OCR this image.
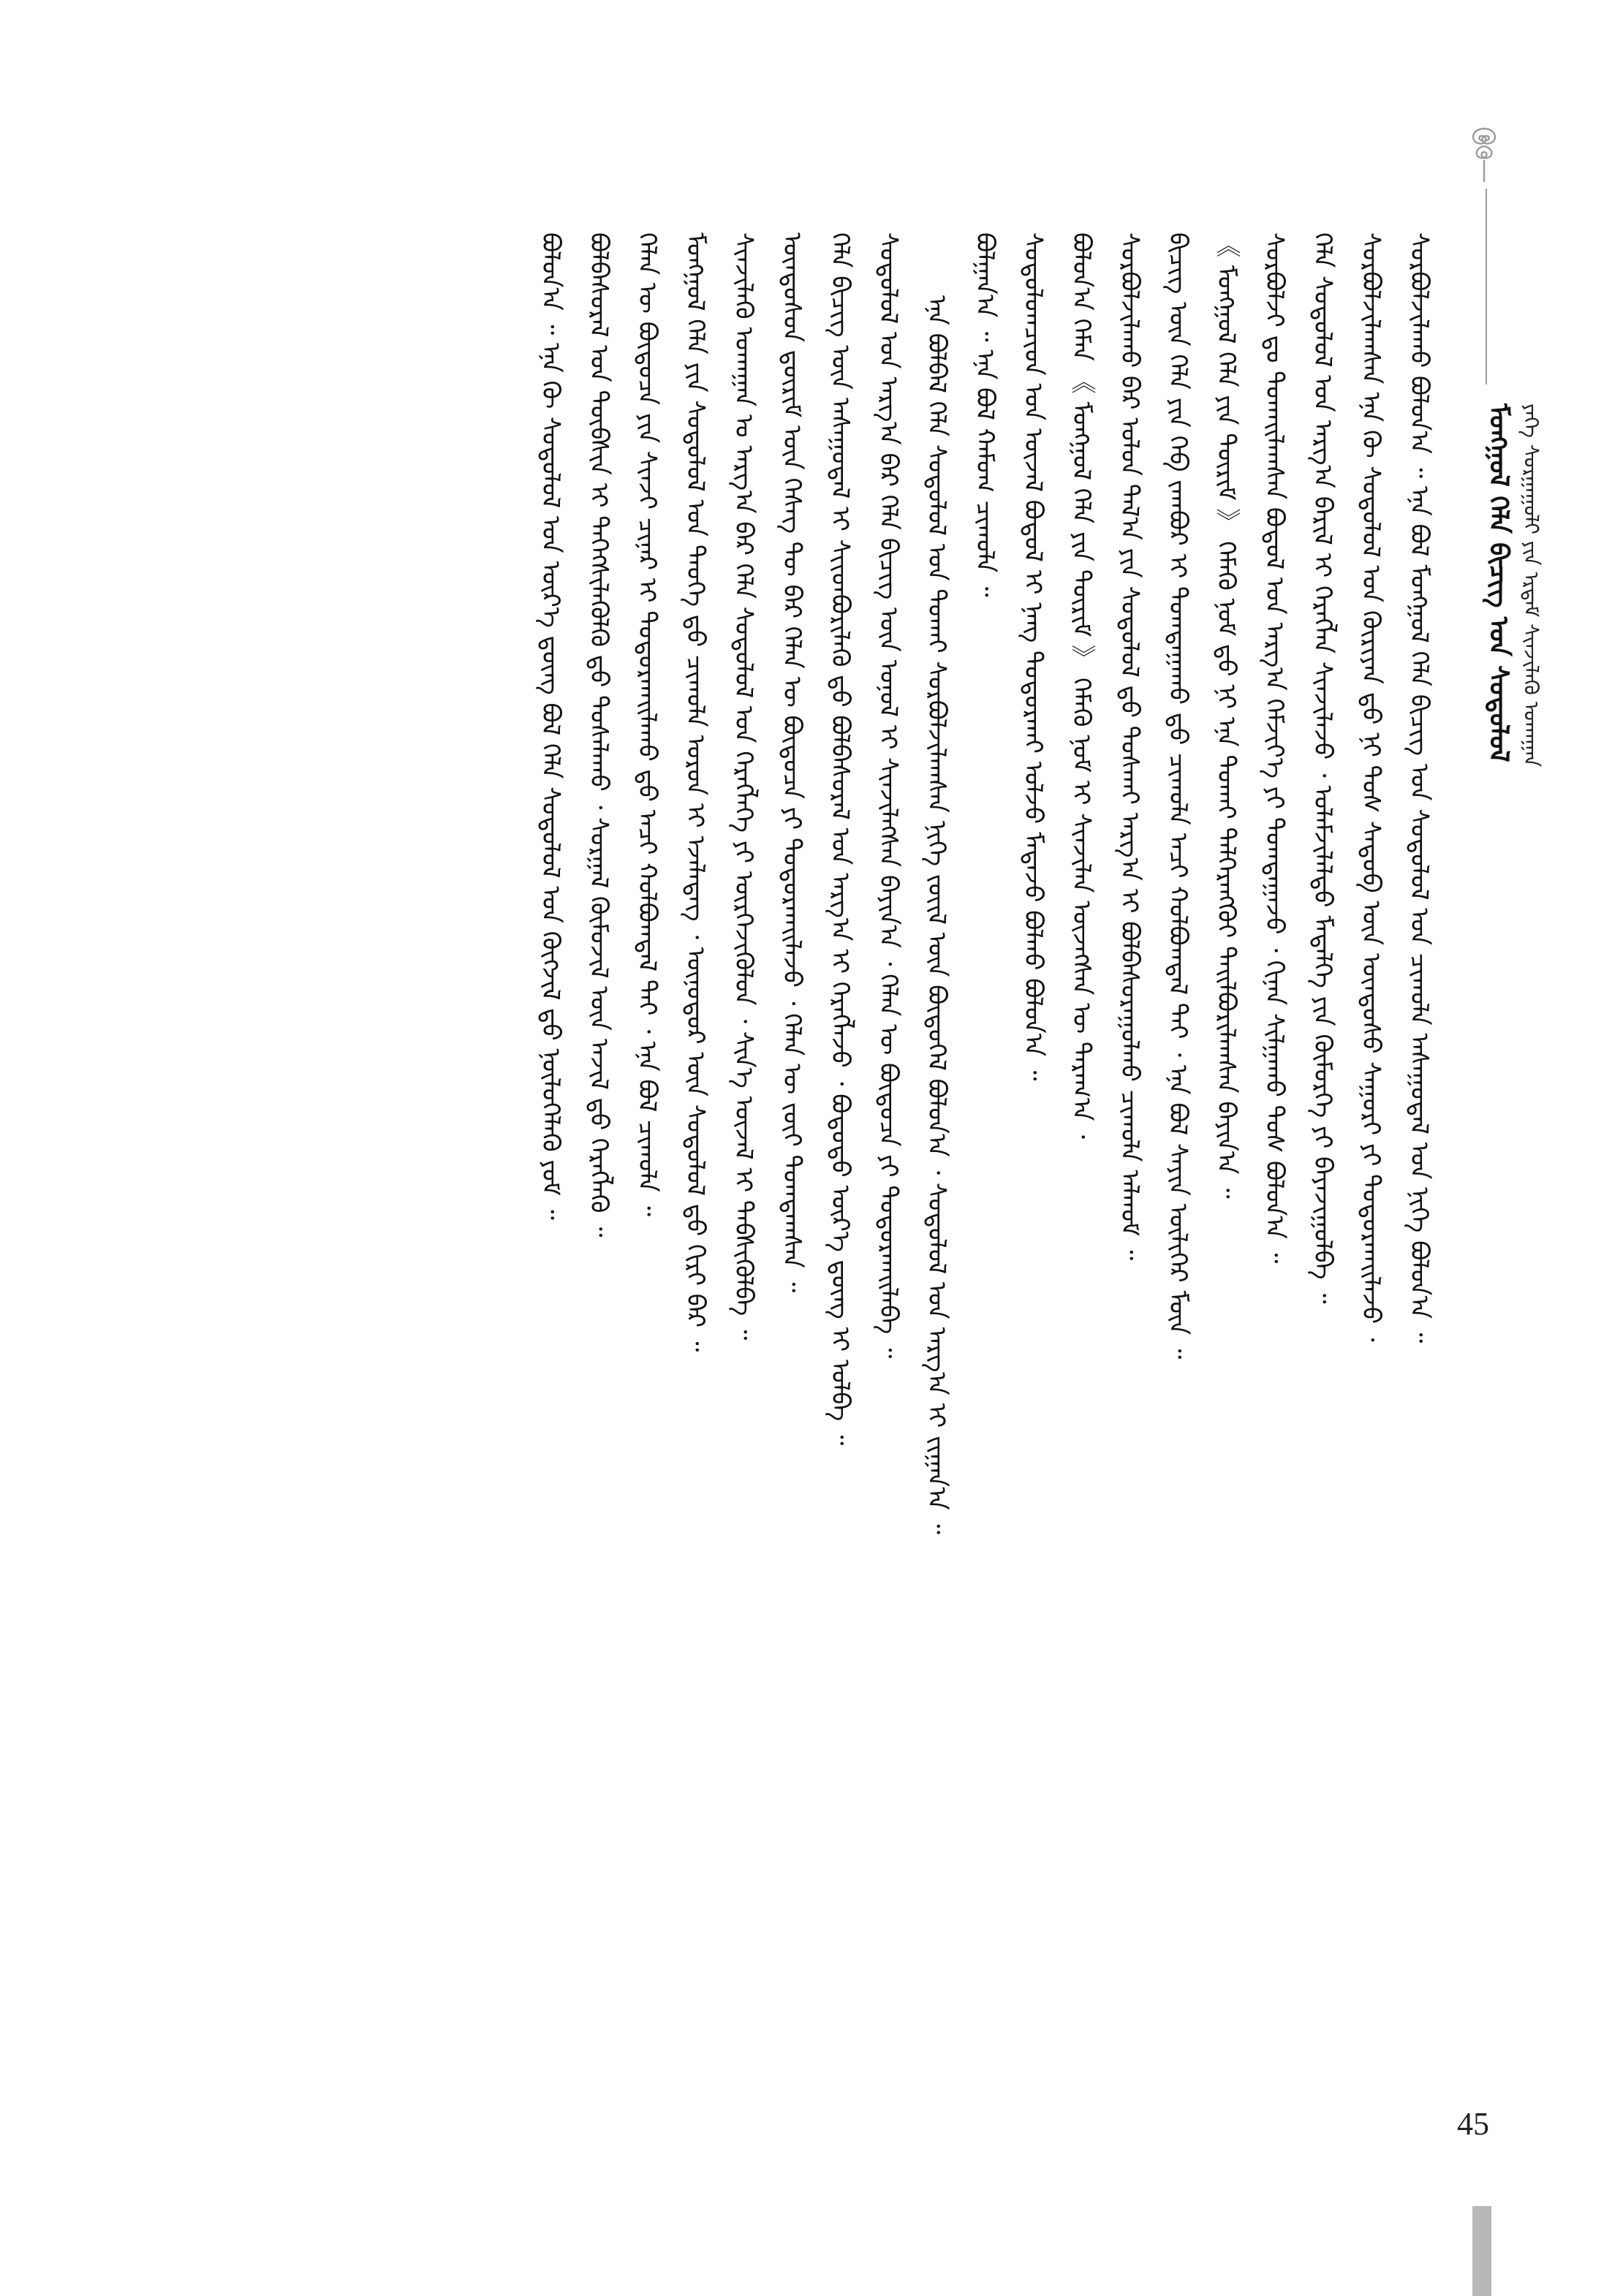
ᠮᠣᠩᠭᠣᠯ ᠬᠡᠯᠡ ᠪᠢᠴᠢᠭ ᠤᠨ ᠰᠤᠳᠤᠯᠤᠯ ᠶᠡᠬᠡ ᠰᠤᠷᠭᠠᠭᠤᠯᠢ ᠶᠢᠨ ᠡᠷᠳᠡᠮ ᠰᠢᠨᠵᠢᠯᠡᠬᠦ ᠤᠬᠠᠭᠠᠨ
ᠰᠤᠷᠪᠤᠯᠵᠢᠯᠠᠬᠤ ᠪᠣᠯᠤᠨ᠎ᠠ ᠃ ᠡᠨᠡ ᠪᠣᠯ ᠮᠣᠩᠭᠣᠯ ᠬᠡᠯᠡ ᠪᠢᠴᠢᠭ ᠤᠨ ᠰᠤᠳᠤᠯᠤᠯ ᠤᠨ ᠴᠢᠬᠤᠯᠠ ᠠᠰᠠᠭᠤᠳᠠᠯ ᠤᠨ ᠨᠢᠭᠡ ᠪᠣᠯᠤᠨ᠎ᠠ ᠃
ᠰᠤᠷᠪᠤᠯᠵᠢᠯᠠᠭᠰᠠᠨ ᠡᠨᠡ ᠬᠦ ᠰᠤᠳᠤᠯᠤᠯ ᠤᠨ ᠬᠦᠷᠢᠶᠡᠨ ᠳ᠋ᠦ ᠨᠢ ᠲᠤᠰ ᠰᠡᠳᠦᠪ ᠦᠨ ᠦᠨᠳᠦᠰᠦ ᠰᠠᠭᠤᠷᠢ ᠶᠢ ᠲᠣᠳᠣᠷᠬᠠᠢᠯᠠᠵᠤ ᠂
ᠬᠡᠯᠡ ᠰᠤᠳᠤᠯᠤᠯ ᠤᠨ ᠠᠷᠭ᠎ᠠ ᠪᠠᠷᠢᠯ ᠢ ᠬᠡᠷᠡᠭᠯᠡᠨ ᠰᠢᠨᠵᠢᠯᠡᠵᠦ ᠂ ᠤᠯᠠᠮᠵᠢᠯᠠᠯᠲᠤ ᠮᠡᠳᠡᠯᠭᠡ ᠶᠢᠨ ᠬᠥᠮᠥᠷᠭᠡ ᠶᠢ ᠪᠠᠶᠠᠵᠢᠭᠤᠯᠪᠠ ᠃
ᠰᠤᠷᠪᠤᠯᠵᠢ ᠳᠤ ᠲᠤᠬᠠᠢᠯᠠᠭᠰᠠᠨ ᠪᠣᠳᠤᠯ ᠤᠨ ᠠᠷᠭ᠎ᠠ ᠬᠡᠮᠵᠢᠶ᠎ᠡ ᠶᠢ ᠲᠣᠭᠲᠠᠭᠠᠵᠤ ᠂ ᠬᠢᠨᠠᠨ ᠰᠢᠯᠭᠠᠬᠤ ᠲᠤᠰ ᠪᠣᠯᠤᠨ᠎ᠠ ᠃
᠎《 ᠮᠣᠩᠭᠣᠯ ᠬᠡᠯᠡ ᠶᠢᠨ ᠳᠦᠷᠢᠮ 》 ᠬᠡᠮᠡᠬᠦ ᠨᠣᠮ ᠳ᠋ᠤ ᠨᠢ ᠡᠨᠡ ᠲᠤᠬᠠᠢ ᠳᠡᠯᠭᠡᠷᠡᠩᠭᠦᠢ ᠲᠠᠢᠯᠪᠤᠷᠢᠯᠠᠭᠰᠠᠨ ᠪᠠᠶᠢᠨ᠎ᠠ ᠃
ᠪᠢᠴᠢᠭ ᠦᠨ ᠬᠡᠯᠡ ᠶᠢᠨ ᠬᠡᠪ ᠵᠠᠭᠪᠤᠷ ᠢ ᠲᠣᠭᠲᠠᠭᠠᠬᠤ ᠳ᠋ᠤ ᠴᠢᠬᠤᠯᠠ ᠠᠴᠢ ᠬᠣᠯᠪᠣᠭᠳᠠᠯ ᠲᠠᠢ ᠂ ᠡᠨᠡ ᠪᠣᠯ ᠰᠠᠶᠢᠨ ᠦᠯᠢᠭᠡᠷ ᠮᠥᠨ ᠃
ᠰᠤᠷᠪᠤᠯᠵᠢᠯᠠᠬᠤ ᠪᠠᠷ ᠤᠯᠤᠨ ᠲᠠᠯ᠎ᠠ ᠶᠢᠨ ᠰᠤᠳᠤᠯᠤᠯ ᠳ᠋ᠤ ᠲᠤᠰᠬᠠᠢ ᠠᠷᠭ᠎ᠠ ᠢ ᠪᠣᠯᠪᠠᠰᠤᠷᠠᠭᠤᠯᠬᠤ ᠴᠢᠬᠤᠯᠠ ᠠᠯᠬᠤᠮ ᠃
ᠪᠣᠯᠤᠨ᠎ᠠ ᠬᠡᠮᠡᠨ 《 ᠮᠣᠩᠭᠣᠯ ᠬᠡᠯᠡ ᠶᠢᠨ ᠳᠦᠷᠢᠮ 》 ᠬᠡᠮᠡᠬᠦ ᠨᠣᠮ ᠢ ᠰᠢᠨᠵᠢᠯᠡᠨ ᠦᠵᠡᠭᠰᠡᠨ ᠦ ᠳᠠᠷᠠᠭ᠎ᠠ ᠂
ᠰᠤᠳᠤᠯᠤᠭᠴᠢᠳ ᠤᠨ ᠦᠵᠡᠯ ᠪᠣᠳᠤᠯ ᠢ ᠨᠡᠩ ᠲᠣᠳᠣᠷᠬᠠᠢ ᠣᠯᠵᠤ ᠮᠡᠳᠡᠵᠦ ᠪᠣᠯᠬᠤ ᠪᠣᠯᠤᠨ᠎ᠠ ᠃
ᠪᠣᠯᠭᠠᠨ᠎ᠠ ᠃ ᠡᠨᠡ ᠪᠣᠯ ᠬᠠᠮᠤᠭ ᠴᠢᠬᠤᠯᠠ ᠃
ᠡᠨᠡ ᠪᠣᠯᠪᠠᠯ ᠬᠡᠯᠡ ᠰᠤᠳᠤᠯᠤᠯ ᠤᠨ ᠲᠤᠬᠠᠢ ᠰᠤᠷᠪᠤᠯᠵᠢᠯᠠᠭᠰᠠᠨ ᠨᠢᠭᠡ ᠵᠦᠢᠯ ᠦᠨ ᠪᠦᠲᠦᠭᠡᠯ ᠪᠣᠯᠤᠨ᠎ᠠ ᠂ ᠰᠤᠳᠤᠯᠤᠯ ᠤᠨ ᠠᠷᠭ᠎ᠠ ᠢ ᠵᠢᠭᠠᠨ᠎ᠠ ᠃
ᠰᠤᠳᠤᠯᠤᠯ ᠤᠨ ᠠᠷᠭ᠎ᠠ ᠪᠠᠷ ᠬᠡᠯᠡ ᠪᠢᠴᠢᠭ ᠦᠨ ᠣᠨᠣᠯ ᠢ ᠰᠢᠨᠵᠢᠯᠡᠭᠰᠡᠨ ᠪᠠᠶᠢᠨ᠎ᠠ ᠂ ᠬᠡᠯᠡᠨ ᠦ ᠪᠦᠲᠦᠴᠡ ᠶᠢ ᠲᠣᠳᠣᠷᠬᠠᠢᠯᠠᠪᠠ ᠃
ᠬᠡᠯᠡ ᠪᠢᠴᠢᠭ ᠦᠨ ᠠᠰᠠᠭᠤᠳᠠᠯ ᠢ ᠰᠢᠢᠳᠪᠦᠷᠢᠯᠡᠬᠦ ᠳ᠋ᠦ ᠪᠣᠯᠪᠠᠰᠤᠷᠠᠯ ᠤᠨ ᠠᠷᠭ᠎ᠠ ᠢ ᠬᠡᠷᠡᠭᠯᠡᠵᠦ ᠂ ᠪᠣᠳᠤᠲᠤ ᠦᠷ᠎ᠡ ᠳ᠋ᠦᠩ ᠢ ᠣᠯᠪᠠ ᠃
ᠦᠨᠳᠦᠰᠦᠨ ᠳ᠋ᠦᠷᠢᠮ ᠦᠨ ᠬᠡᠰᠡᠭ ᠲᠦ ᠪᠠᠷ ᠬᠡᠯᠡᠨ ᠦ ᠪᠦᠲᠦᠴᠡ ᠶᠢ ᠲᠣᠳᠣᠷᠬᠠᠢᠯᠠᠵᠤ ᠂ ᠬᠡᠯᠡᠨ ᠦ ᠵᠦᠢ ᠲᠣᠭᠲᠠᠭᠰᠠᠨ ᠃
ᠰᠢᠨᠵᠢᠯᠡᠬᠦ ᠤᠬᠠᠭᠠᠨ ᠤ ᠠᠷᠭ᠎ᠠ ᠪᠠᠷ ᠬᠡᠯᠡ ᠰᠤᠳᠤᠯᠤᠯ ᠤᠨ ᠬᠡᠷᠡᠭᠯᠡᠭᠡ ᠶᠢ ᠥᠷᠭᠡᠵᠢᠭᠦᠯᠦᠨ ᠂ ᠰᠢᠨ᠎ᠡ ᠦᠵᠡᠯ ᠢ ᠳᠡᠪᠰᠢᠭᠦᠯᠪᠡ ᠃
ᠮᠣᠩᠭᠣᠯ ᠬᠡᠯᠡ ᠶᠢᠨ ᠰᠤᠳᠤᠯᠤᠯ ᠤᠨ ᠲᠡᠦᠬᠡ ᠳ᠋ᠦ ᠴᠢᠬᠤᠯᠠ ᠣᠷᠤᠨ ᠢ ᠡᠵᠡᠯᠡᠳᠡᠭ ᠂ ᠥᠨᠥᠳᠥᠷ ᠦᠨ ᠰᠤᠳᠤᠯᠤᠯ ᠳ᠋ᠤ ᠬᠢᠷᠢ ᠪᠠᠷ ᠃
ᠬᠡᠯᠡᠨ ᠦ ᠪᠦᠲᠦᠴᠡ ᠶᠢᠨ ᠰᠢᠨᠵᠢ ᠴᠢᠨᠠᠷ ᠢ ᠲᠣᠳᠣᠷᠬᠠᠢᠯᠠᠬᠤ ᠳ᠋ᠤ ᠠᠴᠢ ᠬᠣᠯᠪᠣᠭᠳᠠᠯ ᠲᠠᠢ ᠂ ᠡᠨᠡ ᠪᠣᠯ ᠴᠢᠬᠤᠯᠠ ᠃
ᠪᠣᠯᠪᠠᠰᠤᠷᠠᠯ ᠤᠨ ᠲᠦᠪᠰᠢᠨ ᠢ ᠳᠡᠭᠡᠭᠰᠢᠯᠡᠭᠦᠯᠬᠦ ᠳ᠋ᠦ ᠲᠤᠰᠠᠯᠠᠬᠤ ᠂ ᠰᠤᠷᠭᠠᠯ ᠬᠦᠮᠦᠵᠢᠯ ᠦᠨ ᠠᠵᠢᠯ ᠳ᠋ᠤ ᠬᠡᠷᠡᠭᠯᠡᠬᠦ ᠃
ᠪᠣᠯᠤᠨ᠎ᠠ ᠃ ᠡᠨᠡ ᠬᠦ ᠰᠤᠳᠤᠯᠤᠯ ᠤᠨ ᠦᠷ᠎ᠡ ᠳ᠋ᠦᠩ ᠪᠣᠯ ᠬᠡᠯᠡ ᠰᠤᠳᠤᠯᠤᠯ ᠤᠨ ᠬᠥᠭᠵᠢᠯ ᠳ᠋ᠦ ᠨᠥᠯᠥᠭᠡᠯᠡᠬᠦ ᠶᠤᠮ ᠃
45
